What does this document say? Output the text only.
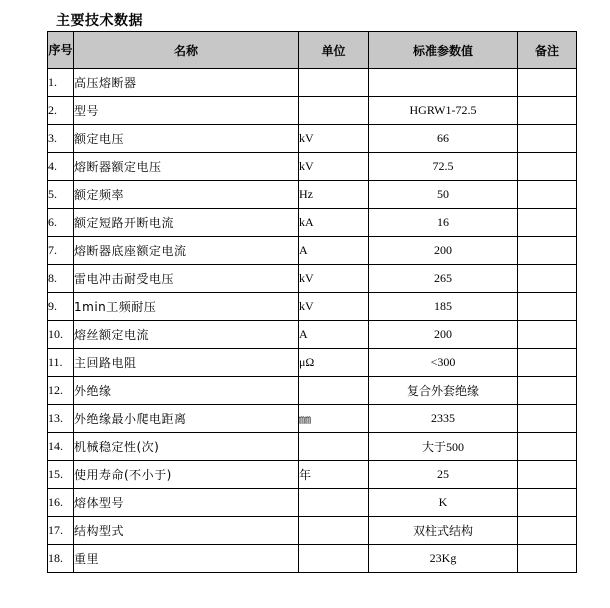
主要技术数据
序号	名称	单位	标准参数值	备注
1.	高压熔断器			
2.	型号		HGRW1-72.5	
3.	额定电压	kV	66	
4.	熔断器额定电压	kV	72.5	
5.	额定频率	Hz	50	
6.	额定短路开断电流	kA	16	
7.	熔断器底座额定电流	A	200	
8.	雷电冲击耐受电压	kV	265	
9.	1min工频耐压	kV	185	
10.	熔丝额定电流	A	200	
11.	主回路电阻	μΩ	<300	
12.	外绝缘		复合外套绝缘	
13.	外绝缘最小爬电距离	㎜	2335	
14.	机械稳定性(次)		大于500	
15.	使用寿命(不小于)	年	25	
16.	熔体型号		K	
17.	结构型式		双柱式结构	
18.	重里		23Kg	
